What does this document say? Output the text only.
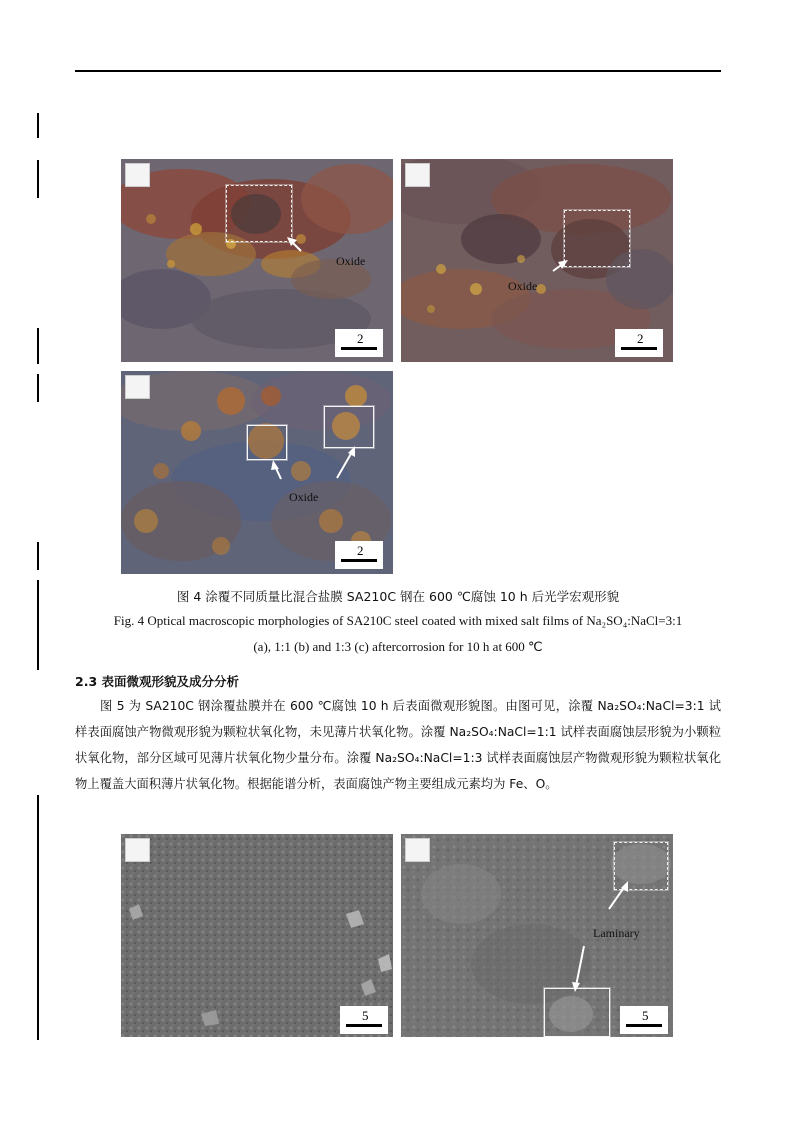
Oxide
2
Oxide
2
Oxide
2
图 4 涂覆不同质量比混合盐膜 SA210C 钢在 600 ℃腐蚀 10 h 后光学宏观形貌
Fig. 4 Optical macroscopic morphologies of SA210C steel coated with mixed salt films of Na₂SO₄:NaCl=3:1
(a), 1:1 (b) and 1:3 (c) aftercorrosion for 10 h at 600 ℃
2.3 表面微观形貌及成分分析
图 5 为 SA210C 钢涂覆盐膜并在 600 ℃腐蚀 10 h 后表面微观形貌图。由图可见，涂覆 Na₂SO₄:NaCl=3:1 试样表面腐蚀产物微观形貌为颗粒状氧化物，未见薄片状氧化物。涂覆 Na₂SO₄:NaCl=1:1 试样表面腐蚀层形貌为小颗粒状氧化物，部分区域可见薄片状氧化物少量分布。涂覆 Na₂SO₄:NaCl=1:3 试样表面腐蚀层产物微观形貌为颗粒状氧化物上覆盖大面积薄片状氧化物。根据能谱分析，表面腐蚀产物主要组成元素均为 Fe、O。
5
Laminary
5
